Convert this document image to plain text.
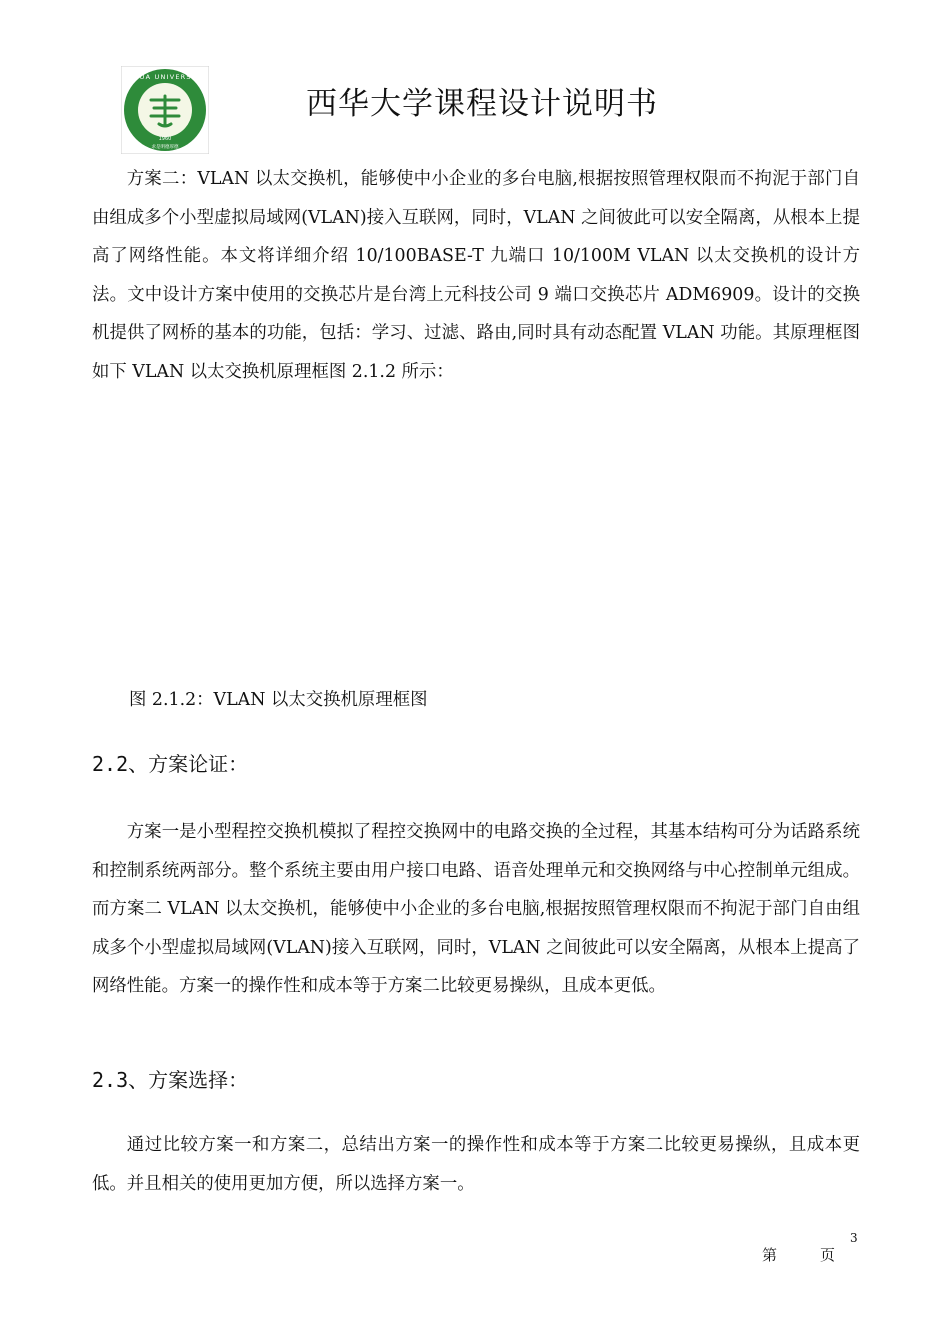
XIHUA UNIVERSITY
1960
求是明德厚德
西华大学课程设计说明书

方案二：VLAN 以太交换机，能够使中小企业的多台电脑,根据按照管理权限而不拘泥于部门自由组成多个小型虚拟局域网(VLAN)接入互联网，同时，VLAN 之间彼此可以安全隔离，从根本上提高了网络性能。本文将详细介绍 10/100BASE-T 九端口 10/100M VLAN 以太交换机的设计方法。文中设计方案中使用的交换芯片是台湾上元科技公司 9 端口交换芯片 ADM6909。设计的交换机提供了网桥的基本的功能，包括：学习、过滤、路由,同时具有动态配置 VLAN 功能。其原理框图如下 VLAN 以太交换机原理框图 2.1.2 所示：

图 2.1.2：VLAN 以太交换机原理框图
2.2、方案论证：

方案一是小型程控交换机模拟了程控交换网中的电路交换的全过程，其基本结构可分为话路系统和控制系统两部分。整个系统主要由用户接口电路、语音处理单元和交换网络与中心控制单元组成。而方案二 VLAN 以太交换机，能够使中小企业的多台电脑,根据按照管理权限而不拘泥于部门自由组成多个小型虚拟局域网(VLAN)接入互联网，同时，VLAN 之间彼此可以安全隔离，从根本上提高了网络性能。方案一的操作性和成本等于方案二比较更易操纵，且成本更低。

2.3、方案选择：

通过比较方案一和方案二，总结出方案一的操作性和成本等于方案二比较更易操纵，且成本更低。并且相关的使用更加方便，所以选择方案一。

3
第	页
